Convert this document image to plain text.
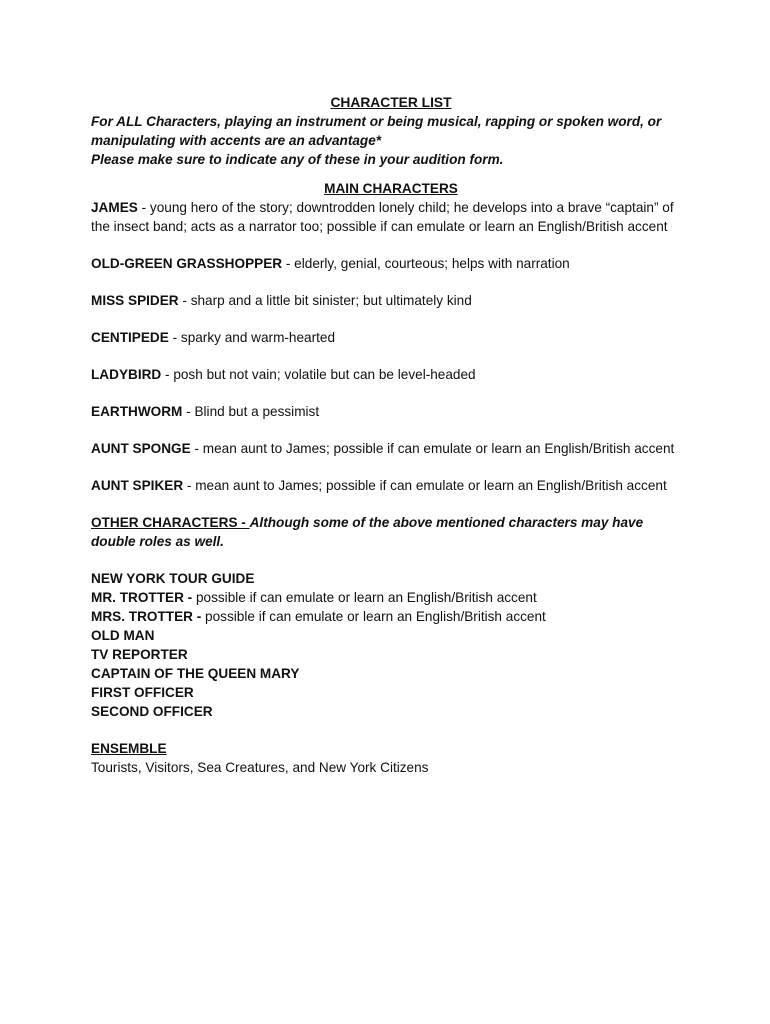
CHARACTER LIST

For ALL Characters, playing an instrument or being musical, rapping or spoken word, or manipulating with accents are an advantage*

Please make sure to indicate any of these in your audition form.

MAIN CHARACTERS

JAMES - young hero of the story; downtrodden lonely child; he develops into a brave “captain” of the insect band; acts as a narrator too; possible if can emulate or learn an English/British accent

OLD-GREEN GRASSHOPPER - elderly, genial, courteous; helps with narration

MISS SPIDER - sharp and a little bit sinister; but ultimately kind

CENTIPEDE - sparky and warm-hearted

LADYBIRD - posh but not vain; volatile but can be level-headed

EARTHWORM - Blind but a pessimist

AUNT SPONGE - mean aunt to James; possible if can emulate or learn an English/British accent

AUNT SPIKER - mean aunt to James; possible if can emulate or learn an English/British accent

OTHER CHARACTERS - Although some of the above mentioned characters may have double roles as well.

NEW YORK TOUR GUIDE

MR. TROTTER - possible if can emulate or learn an English/British accent

MRS. TROTTER - possible if can emulate or learn an English/British accent

OLD MAN

TV REPORTER

CAPTAIN OF THE QUEEN MARY

FIRST OFFICER

SECOND OFFICER

ENSEMBLE

Tourists, Visitors, Sea Creatures, and New York Citizens
